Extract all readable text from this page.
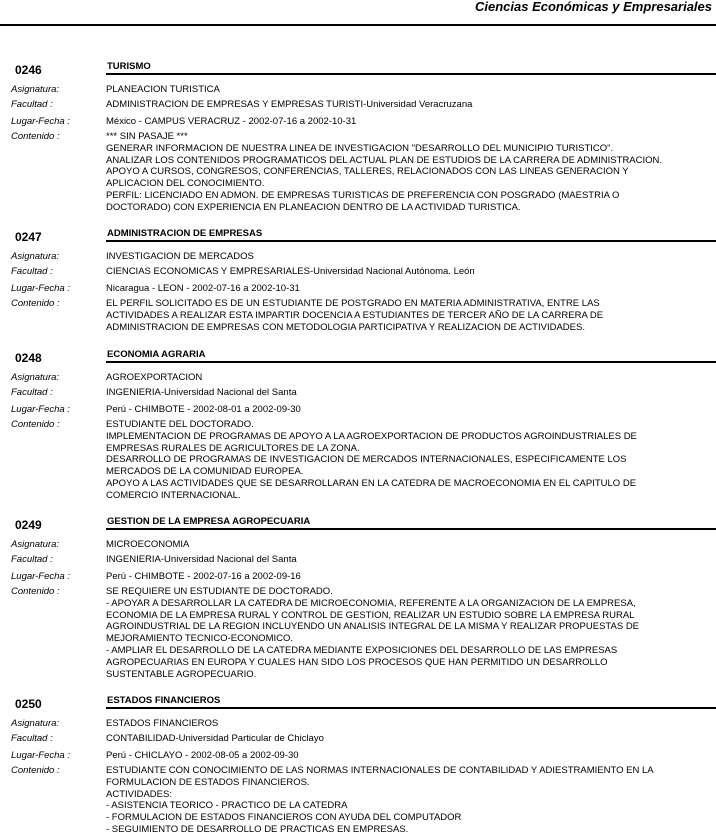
Ciencias Económicas y Empresariales
0246	TURISMO
Asignatura:	PLANEACION TURISTICA
Facultad :	ADMINISTRACION DE EMPRESAS Y EMPRESAS TURISTI-Universidad Veracruzana
Lugar-Fecha :	México - CAMPUS VERACRUZ - 2002-07-16 a 2002-10-31
Contenido :	*** SIN PASAJE ***
GENERAR INFORMACION DE NUESTRA LINEA DE INVESTIGACION "DESARROLLO DEL MUNICIPIO TURISTICO".
ANALIZAR LOS CONTENIDOS PROGRAMATICOS DEL ACTUAL PLAN DE ESTUDIOS DE LA CARRERA DE ADMINISTRACION.
APOYO A CURSOS, CONGRESOS, CONFERENCIAS, TALLERES, RELACIONADOS CON LAS LINEAS GENERACION Y
APLICACION DEL CONOCIMIENTO.
PERFIL: LICENCIADO EN ADMON. DE EMPRESAS TURISTICAS DE PREFERENCIA CON POSGRADO (MAESTRIA O
DOCTORADO) CON EXPERIENCIA EN PLANEACION DENTRO DE LA ACTIVIDAD TURISTICA.
0247	ADMINISTRACION DE EMPRESAS
Asignatura:	INVESTIGACION DE MERCADOS
Facultad :	CIENCIAS ECONOMICAS Y EMPRESARIALES-Universidad Nacional Autónoma. León
Lugar-Fecha :	Nicaragua - LEON - 2002-07-16 a 2002-10-31
Contenido :	EL PERFIL SOLICITADO ES DE UN ESTUDIANTE DE POSTGRADO EN MATERIA ADMINISTRATIVA, ENTRE LAS
ACTIVIDADES A REALIZAR ESTA IMPARTIR DOCENCIA A ESTUDIANTES DE TERCER AÑO DE LA CARRERA DE
ADMINISTRACION DE EMPRESAS CON METODOLOGIA PARTICIPATIVA Y REALIZACION DE ACTIVIDADES.
0248	ECONOMIA AGRARIA
Asignatura:	AGROEXPORTACION
Facultad :	INGENIERIA-Universidad Nacional del Santa
Lugar-Fecha :	Perú - CHIMBOTE - 2002-08-01 a 2002-09-30
Contenido :	ESTUDIANTE DEL DOCTORADO.
IMPLEMENTACION DE PROGRAMAS DE APOYO A LA AGROEXPORTACION DE PRODUCTOS AGROINDUSTRIALES DE
EMPRESAS RURALES DE AGRICULTORES DE LA ZONA.
DESARROLLO DE PROGRAMAS DE INVESTIGACION DE MERCADOS INTERNACIONALES, ESPECIFICAMENTE LOS
MERCADOS DE LA COMUNIDAD EUROPEA.
APOYO A LAS ACTIVIDADES QUE SE DESARROLLARAN EN LA CATEDRA DE MACROECONOMIA EN EL CAPITULO DE
COMERCIO INTERNACIONAL.
0249	GESTION DE LA EMPRESA AGROPECUARIA
Asignatura:	MICROECONOMIA
Facultad :	INGENIERIA-Universidad Nacional del Santa
Lugar-Fecha :	Perú - CHIMBOTE - 2002-07-16 a 2002-09-16
Contenido :	SE REQUIERE UN ESTUDIANTE DE DOCTORADO.
- APOYAR A DESARROLLAR LA CATEDRA DE MICROECONOMIA, REFERENTE A LA ORGANIZACION DE LA EMPRESA,
ECONOMIA DE LA EMPRESA RURAL Y CONTROL DE GESTION, REALIZAR UN ESTUDIO SOBRE LA EMPRESA RURAL
AGROINDUSTRIAL DE LA REGION INCLUYENDO UN ANALISIS INTEGRAL DE LA MISMA Y REALIZAR PROPUESTAS DE
MEJORAMIENTO TECNICO-ECONOMICO.
- AMPLIAR EL DESARROLLO DE LA CATEDRA MEDIANTE EXPOSICIONES DEL DESARROLLO DE LAS EMPRESAS
AGROPECUARIAS EN EUROPA Y CUALES HAN SIDO LOS PROCESOS QUE HAN PERMITIDO UN DESARROLLO
SUSTENTABLE AGROPECUARIO.
0250	ESTADOS FINANCIEROS
Asignatura:	ESTADOS FINANCIEROS
Facultad :	CONTABILIDAD-Universidad Particular de Chiclayo
Lugar-Fecha :	Perú - CHICLAYO - 2002-08-05 a 2002-09-30
Contenido :	ESTUDIANTE CON CONOCIMIENTO DE LAS NORMAS INTERNACIONALES DE CONTABILIDAD Y ADIESTRAMIENTO EN LA
FORMULACION DE ESTADOS FINANCIEROS.
ACTIVIDADES:
- ASISTENCIA TEORICO - PRACTICO DE LA CATEDRA
- FORMULACION DE ESTADOS FINANCIEROS CON AYUDA DEL COMPUTADOR
- SEGUIMIENTO DE DESARROLLO DE PRACTICAS EN EMPRESAS.
